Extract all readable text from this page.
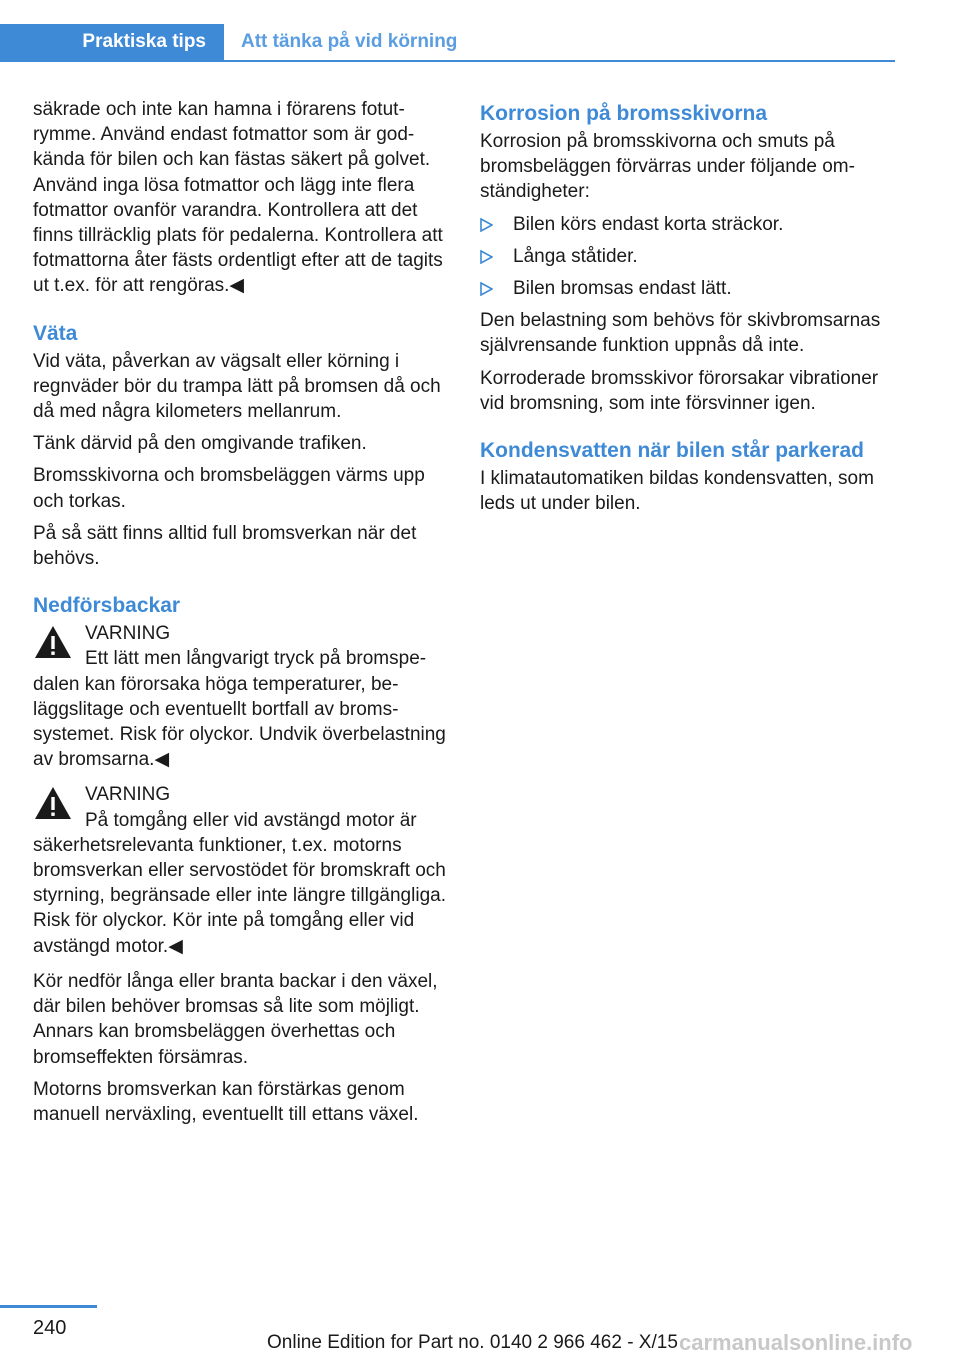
Praktiska tips Att tänka på vid körning

säkrade och inte kan hamna i förarens fotutrymme. Använd endast fotmattor som är godkända för bilen och kan fästas säkert på golvet. Använd inga lösa fotmattor och lägg inte flera fotmattor ovanför varandra. Kontrollera att det finns tillräcklig plats för pedalerna. Kontrollera att fotmattorna åter fästs ordentligt efter att de tagits ut t.ex. för att rengöras.◀

Väta

Vid väta, påverkan av vägsalt eller körning i regnväder bör du trampa lätt på bromsen då och då med några kilometers mellanrum.

Tänk därvid på den omgivande trafiken.

Bromsskivorna och bromsbeläggen värms upp och torkas.

På så sätt finns alltid full bromsverkan när det behövs.

Nedförsbackar
VARNING
Ett lätt men långvarigt tryck på bromspedalen kan förorsaka höga temperaturer, beläggslitage och eventuellt bortfall av bromssystemet. Risk för olyckor. Undvik överbelastning av bromsarna.◀
VARNING
På tomgång eller vid avstängd motor är säkerhetsrelevanta funktioner, t.ex. motorns bromsverkan eller servostödet för bromskraft och styrning, begränsade eller inte längre tillgängliga. Risk för olyckor. Kör inte på tomgång eller vid avstängd motor.◀

Kör nedför långa eller branta backar i den växel, där bilen behöver bromsas så lite som möjligt. Annars kan bromsbeläggen överhettas och bromseffekten försämras.

Motorns bromsverkan kan förstärkas genom manuell nerväxling, eventuellt till ettans växel.

Korrosion på bromsskivorna

Korrosion på bromsskivorna och smuts på bromsbeläggen förvärras under följande omständigheter:

Bilen körs endast korta sträckor.
Långa ståtider.
Bilen bromsas endast lätt.

Den belastning som behövs för skivbromsarnas självrensande funktion uppnås då inte.

Korroderade bromsskivor förorsakar vibrationer vid bromsning, som inte försvinner igen.

Kondensvatten när bilen står parkerad

I klimatautomatiken bildas kondensvatten, som leds ut under bilen.

240
Online Edition for Part no. 0140 2 966 462 - X/15 carmanualsonline.info
